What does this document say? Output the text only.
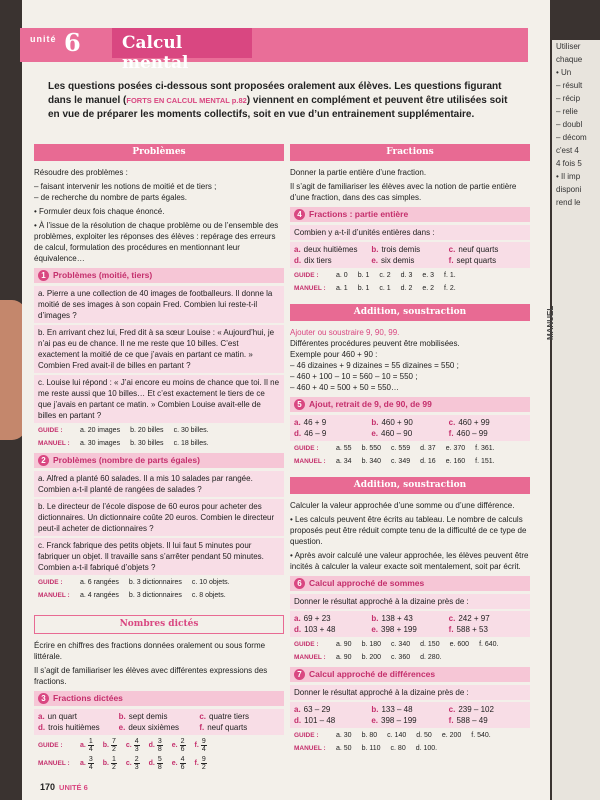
Utiliser
chaque
• Un
– résult
– récip
– relie
– doubl
– décom
c'est 4
4 fois 5
• Il imp
disponi
rend le
MANUEL
unité 6	Calcul mental
Les questions posées ci-dessous sont proposées oralement aux élèves. Les questions figurant dans le manuel (FORTS EN CALCUL MENTAL p.82) viennent en complément et peuvent être utilisées soit en vue de préparer les moments collectifs, soit en vue d’un entrainement supplémentaire.
Problèmes
Résoudre des problèmes :
– faisant intervenir les notions de moitié et de tiers ;
– de recherche du nombre de parts égales.
• Formuler deux fois chaque énoncé.
• À l’issue de la résolution de chaque problème ou de l’ensemble des problèmes, exploiter les réponses des élèves : repérage des erreurs de calcul, formulation des procédures en mentionnant leur équivalence…
1 Problèmes (moitié, tiers)
a. Pierre a une collection de 40 images de footballeurs. Il donne la moitié de ses images à son copain Fred. Combien lui reste-t-il d’images ?
b. En arrivant chez lui, Fred dit à sa sœur Louise : « Aujourd’hui, je n’ai pas eu de chance. Il ne me reste que 10 billes. C’est exactement la moitié de ce que j’avais en partant ce matin. » Combien Fred avait-il de billes en partant ?
c. Louise lui répond : « J’ai encore eu moins de chance que toi. Il ne me reste aussi que 10 billes… Et c’est exactement le tiers de ce que j’avais en partant ce matin. » Combien Louise avait-elle de billes en partant ?
GUIDE :	a. 20 images b. 20 billes c. 30 billes.
MANUEL :	a. 30 images b. 30 billes c. 18 billes.
2 Problèmes (nombre de parts égales)
a. Alfred a planté 60 salades. Il a mis 10 salades par rangée. Combien a-t-il planté de rangées de salades ?
b. Le directeur de l’école dispose de 60 euros pour acheter des dictionnaires. Un dictionnaire coûte 20 euros. Combien le directeur peut-il acheter de dictionnaires ?
c. Franck fabrique des petits objets. Il lui faut 5 minutes pour fabriquer un objet. Il travaille sans s’arrêter pendant 50 minutes. Combien a-t-il fabriqué d’objets ?
GUIDE :	a. 6 rangées b. 3 dictionnaires c. 10 objets.
MANUEL :	a. 4 rangées b. 3 dictionnaires c. 8 objets.
Nombres dictés
Écrire en chiffres des fractions données oralement ou sous forme littérale.
Il s’agit de familiariser les élèves avec différentes expressions des fractions.
3 Fractions dictées
a. un quart	b. sept demis	c. quatre tiers
d. trois huitièmes	e. deux sixièmes	f. neuf quarts
GUIDE :	a. $\frac{1}{4} b$. $\frac{7}{2} c$. $\frac{4}{3} d$. $\frac{3}{8} e$. $\frac{2}{6} f$. $\frac{9}{4}$
MANUEL :	a. $\frac{3}{4} b$. $\frac{1}{2} c$. $\frac{2}{3} d$. $\frac{5}{8} e$. $\frac{4}{6} f$. $\frac{9}{2}$
Fractions
Donner la partie entière d’une fraction.
Il s’agit de familiariser les élèves avec la notion de partie entière d’une fraction, dans des cas simples.
4 Fractions : partie entière
Combien y a-t-il d’unités entières dans :
a. deux huitièmes	b. trois demis	c. neuf quarts
d. dix tiers	e. six demis	f. sept quarts
GUIDE :	a. 0 b. 1 c. 2 d. 3 e. 3 f. 1.
MANUEL :	a. 1 b. 1 c. 1 d. 2 e. 2 f. 2.
Addition, soustraction
Ajouter ou soustraire 9, 90, 99.
Différentes procédures peuvent être mobilisées.
Exemple pour 460 + 90 :
– 46 dizaines + 9 dizaines = 55 dizaines = 550 ;
– 460 + 100 – 10 = 560 – 10 = 550 ;
– 460 + 40 = 500 + 50 = 550…
5 Ajout, retrait de 9, de 90, de 99
a. 46 + 9	b. 460 + 90	c. 460 + 99
d. 46 – 9	e. 460 – 90	f. 460 – 99
GUIDE :	a. 55 b. 550 c. 559 d. 37 e. 370 f. 361.
MANUEL :	a. 34 b. 340 c. 349 d. 16 e. 160 f. 151.
Addition, soustraction
Calculer la valeur approchée d’une somme ou d’une différence.
• Les calculs peuvent être écrits au tableau. Le nombre de calculs proposés peut être réduit compte tenu de la difficulté de ce type de question.
• Après avoir calculé une valeur approchée, les élèves peuvent être incités à calculer la valeur exacte soit mentalement, soit par écrit.
6 Calcul approché de sommes
Donner le résultat approché à la dizaine près de :
a. 69 + 23	b. 138 + 43	c. 242 + 97
d. 103 + 48	e. 398 + 199	f. 588 + 53
GUIDE :	a. 90 b. 180 c. 340 d. 150 e. 600 f. 640.
MANUEL :	a. 90 b. 200 c. 360 d. 280.
7 Calcul approché de différences
Donner le résultat approché à la dizaine près de :
a. 63 – 29	b. 133 – 48	c. 239 – 102
d. 101 – 48	e. 398 – 199	f. 588 – 49
GUIDE :	a. 30 b. 80 c. 140 d. 50 e. 200 f. 540.
MANUEL :	a. 50 b. 110 c. 80 d. 100.
170 UNITÉ 6
